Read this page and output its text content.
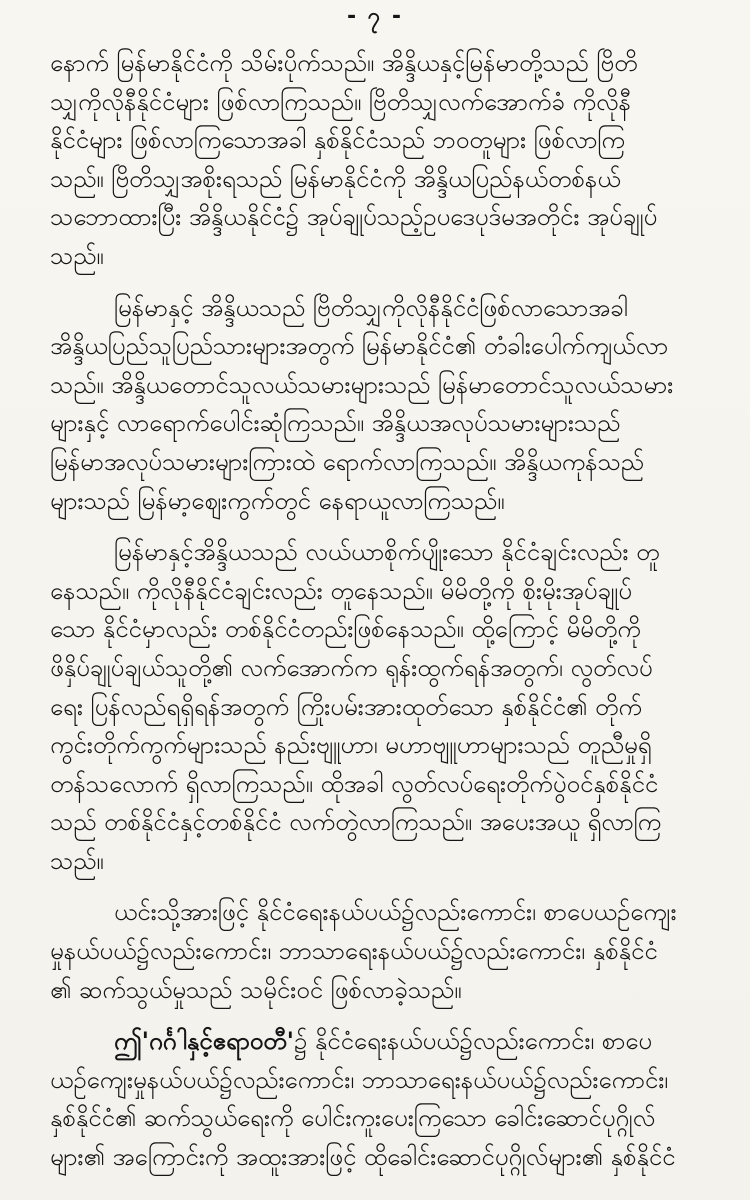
- ၇ -

နောက် မြန်မာနိုင်ငံကို သိမ်းပိုက်သည်။ အိန္ဒိယနှင့်မြန်မာတို့သည် ဗြိတိ
သျှကိုလိုနီနိုင်ငံများ ဖြစ်လာကြသည်။ ဗြိတိသျှလက်အောက်ခံ ကိုလိုနီ
နိုင်ငံများ ဖြစ်လာကြသောအခါ နှစ်နိုင်ငံသည် ဘဝတူများ ဖြစ်လာကြ
သည်။ ဗြိတိသျှအစိုးရသည် မြန်မာနိုင်ငံကို အိန္ဒိယပြည်နယ်တစ်နယ်
သဘောထားပြီး အိန္ဒိယနိုင်ငံ၌ အုပ်ချုပ်သည့်ဥပဒေပုဒ်မအတိုင်း အုပ်ချုပ်
သည်။

မြန်မာနှင့် အိန္ဒိယသည် ဗြိတိသျှကိုလိုနီနိုင်ငံဖြစ်လာသောအခါ
အိန္ဒိယပြည်သူပြည်သားများအတွက် မြန်မာနိုင်ငံ၏ တံခါးပေါက်ကျယ်လာ
သည်။ အိန္ဒိယတောင်သူလယ်သမားများသည် မြန်မာတောင်သူလယ်သမား
များနှင့် လာရောက်ပေါင်းဆုံကြသည်။ အိန္ဒိယအလုပ်သမားများသည်
မြန်မာအလုပ်သမားများကြားထဲ ရောက်လာကြသည်။ အိန္ဒိယကုန်သည်
များသည် မြန်မာ့ဈေးကွက်တွင် နေရာယူလာကြသည်။

မြန်မာနှင့်အိန္ဒိယသည် လယ်ယာစိုက်ပျိုးသော နိုင်ငံချင်းလည်း တူ
နေသည်။ ကိုလိုနီနိုင်ငံချင်းလည်း တူနေသည်။ မိမိတို့ကို စိုးမိုးအုပ်ချုပ်
သော နိုင်ငံမှာလည်း တစ်နိုင်ငံတည်းဖြစ်နေသည်။ ထို့ကြောင့် မိမိတို့ကို
ဖိနှိပ်ချုပ်ချယ်သူတို့၏ လက်အောက်က ရုန်းထွက်ရန်အတွက်၊ လွတ်လပ်
ရေး ပြန်လည်ရရှိရန်အတွက် ကြိုးပမ်းအားထုတ်သော နှစ်နိုင်ငံ၏ တိုက်
ကွင်းတိုက်ကွက်များသည် နည်းဗျူဟာ၊ မဟာဗျူဟာများသည် တူညီမှုရှိ
တန်သလောက် ရှိလာကြသည်။ ထိုအခါ လွတ်လပ်ရေးတိုက်ပွဲဝင်နှစ်နိုင်ငံ
သည် တစ်နိုင်ငံနှင့်တစ်နိုင်ငံ လက်တွဲလာကြသည်။ အပေးအယူ ရှိလာကြ
သည်။

ယင်းသို့အားဖြင့် နိုင်ငံရေးနယ်ပယ်၌လည်းကောင်း၊ စာပေယဉ်ကျေး
မှုနယ်ပယ်၌လည်းကောင်း၊ ဘာသာရေးနယ်ပယ်၌လည်းကောင်း၊ နှစ်နိုင်ငံ
၏ ဆက်သွယ်မှုသည် သမိုင်းဝင် ဖြစ်လာခဲ့သည်။

ဤ'ဂင်္ဂါနှင့်ဧရာဝတီ'၌ နိုင်ငံရေးနယ်ပယ်၌လည်းကောင်း၊ စာပေ
ယဉ်ကျေးမှုနယ်ပယ်၌လည်းကောင်း၊ ဘာသာရေးနယ်ပယ်၌လည်းကောင်း၊
နှစ်နိုင်ငံ၏ ဆက်သွယ်ရေးကို ပေါင်းကူးပေးကြသော ခေါင်းဆောင်ပုဂ္ဂိုလ်
များ၏ အကြောင်းကို အထူးအားဖြင့် ထိုခေါင်းဆောင်ပုဂ္ဂိုလ်များ၏ နှစ်နိုင်ငံ
